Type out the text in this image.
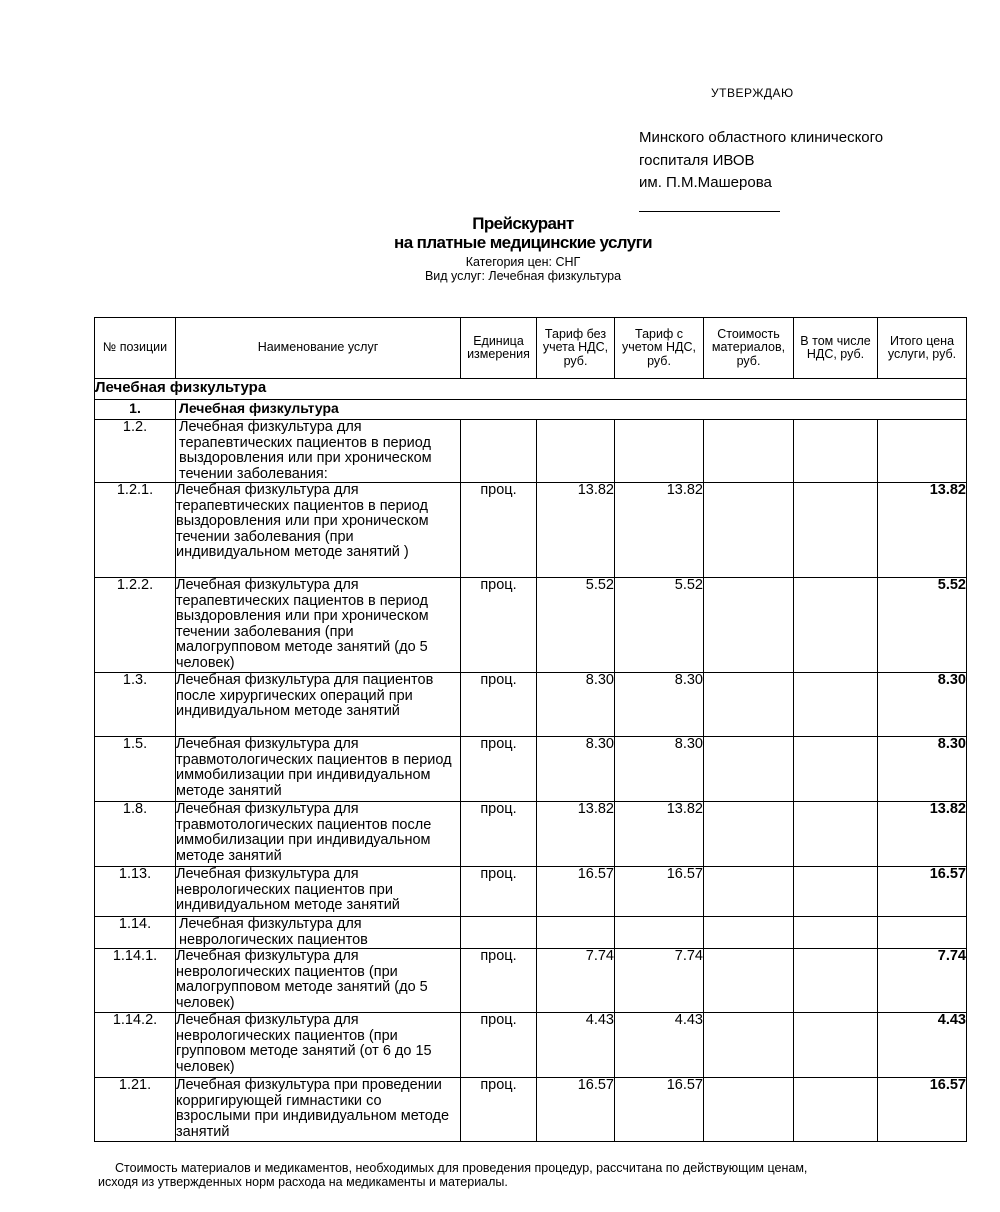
УТВЕРЖДАЮ
Минского областного клинического
госпиталя ИВОВ
им. П.М.Машерова
Прейскурант
на платные медицинские услуги
Категория цен: СНГ
Вид услуг: Лечебная физкультура
№ позиции	Наименование услуг	Единица измерения	Тариф без учета НДС, руб.	Тариф с учетом НДС, руб.	Стоимость материалов, руб.	В том числе НДС, руб.	Итого цена услуги, руб.
Лечебная физкультура							
1.	Лечебная физкультура						
1.2.	Лечебная физкультура для терапевтических пациентов в период выздоровления или при хроническом течении заболевания:						
1.2.1.	Лечебная физкультура для терапевтических пациентов в период выздоровления или при хроническом течении заболевания (при индивидуальном методе занятий )	проц.	13.82	13.82			13.82
1.2.2.	Лечебная физкультура для терапевтических пациентов в период выздоровления или при хроническом течении заболевания (при малогрупповом методе занятий (до 5 человек)	проц.	5.52	5.52			5.52
1.3.	Лечебная физкультура для пациентов после хирургических операций при индивидуальном методе занятий	проц.	8.30	8.30			8.30
1.5.	Лечебная физкультура для травмотологических пациентов в период иммобилизации при индивидуальном методе занятий	проц.	8.30	8.30			8.30
1.8.	Лечебная физкультура для травмотологических пациентов после иммобилизации при индивидуальном методе занятий	проц.	13.82	13.82			13.82
1.13.	Лечебная физкультура для неврологических пациентов при индивидуальном методе занятий	проц.	16.57	16.57			16.57
1.14.	Лечебная физкультура для неврологических пациентов						
1.14.1.	Лечебная физкультура для неврологических пациентов (при малогрупповом методе занятий (до 5 человек)	проц.	7.74	7.74			7.74
1.14.2.	Лечебная физкультура для неврологических пациентов (при групповом методе занятий (от 6 до 15 человек)	проц.	4.43	4.43			4.43
1.21.	Лечебная физкультура при проведении корригирующей гимнастики со взрослыми при индивидуальном методе занятий	проц.	16.57	16.57			16.57
Стоимость материалов и медикаментов, необходимых для проведения процедур, рассчитана по действующим ценам,
исходя из утвержденных норм расхода на медикаменты и материалы.
